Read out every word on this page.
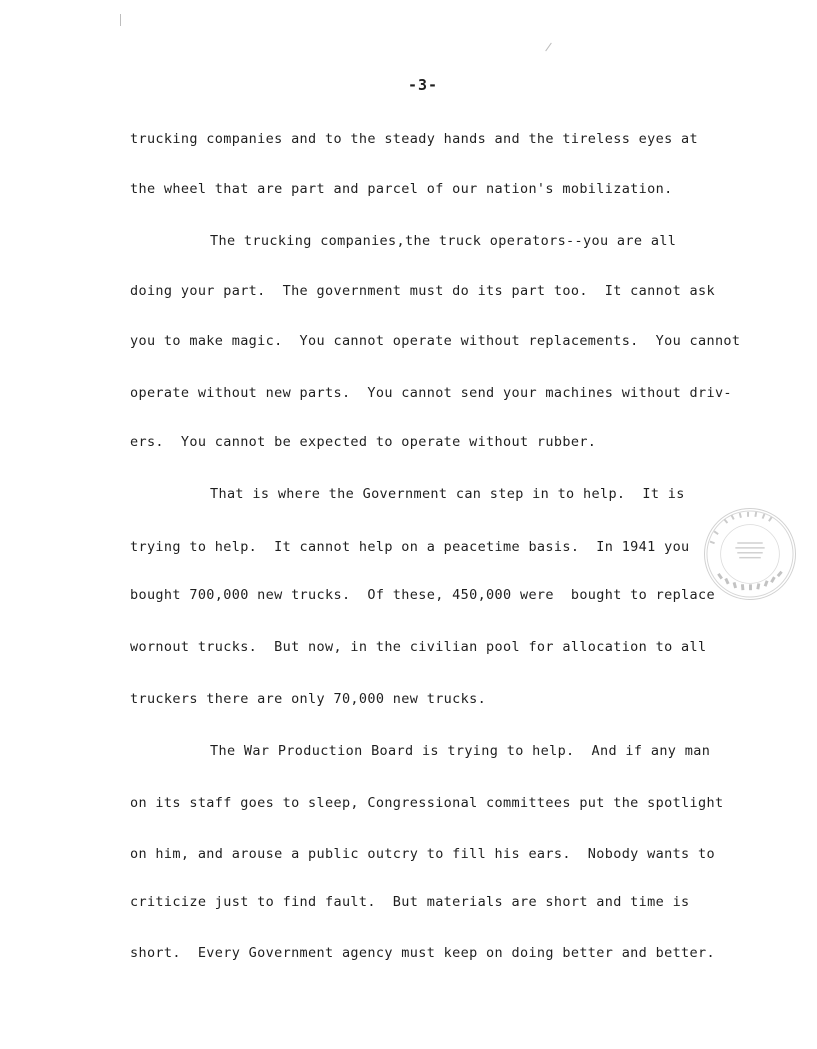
-3-
trucking companies and to the steady hands and the tireless eyes at
the wheel that are part and parcel of our nation's mobilization.
The trucking companies,the truck operators--you are all
doing your part.  The government must do its part too.  It cannot ask
you to make magic.  You cannot operate without replacements.  You cannot
operate without new parts.  You cannot send your machines without driv-
ers.  You cannot be expected to operate without rubber.
That is where the Government can step in to help.  It is
trying to help.  It cannot help on a peacetime basis.  In 1941 you
bought 700,000 new trucks.  Of these, 450,000 were  bought to replace
wornout trucks.  But now, in the civilian pool for allocation to all
truckers there are only 70,000 new trucks.
The War Production Board is trying to help.  And if any man
on its staff goes to sleep, Congressional committees put the spotlight
on him, and arouse a public outcry to fill his ears.  Nobody wants to
criticize just to find fault.  But materials are short and time is
short.  Every Government agency must keep on doing better and better.
